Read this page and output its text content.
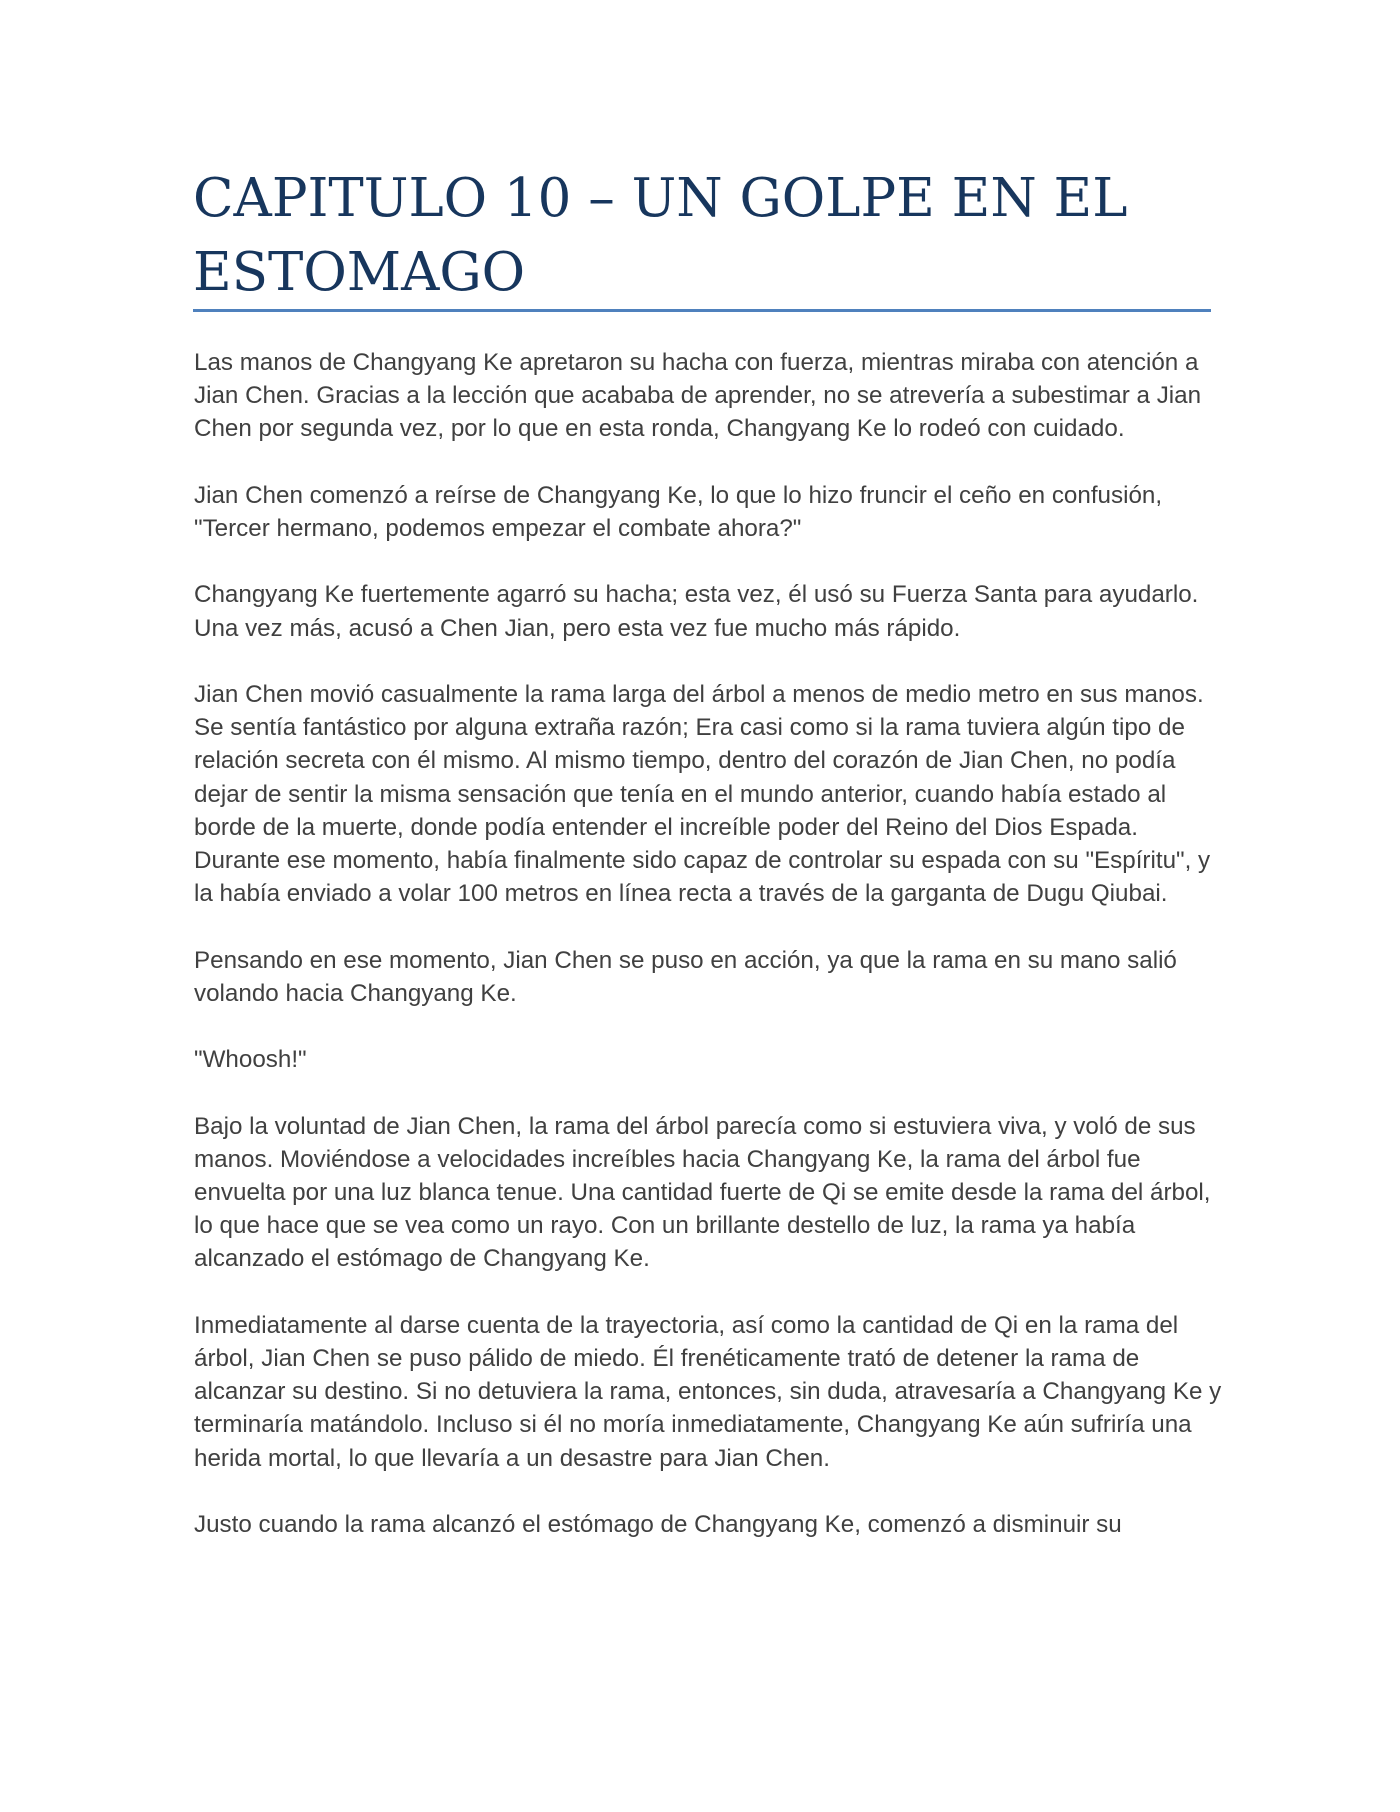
CAPITULO 10 – UN GOLPE EN EL ESTOMAGO

Las manos de Changyang Ke apretaron su hacha con fuerza, mientras miraba con atención a Jian Chen. Gracias a la lección que acababa de aprender, no se atrevería a subestimar a Jian Chen por segunda vez, por lo que en esta ronda, Changyang Ke lo rodeó con cuidado.

Jian Chen comenzó a reírse de Changyang Ke, lo que lo hizo fruncir el ceño en confusión, "Tercer hermano, podemos empezar el combate ahora?"

Changyang Ke fuertemente agarró su hacha; esta vez, él usó su Fuerza Santa para ayudarlo. Una vez más, acusó a Chen Jian, pero esta vez fue mucho más rápido.

Jian Chen movió casualmente la rama larga del árbol a menos de medio metro en sus manos. Se sentía fantástico por alguna extraña razón; Era casi como si la rama tuviera algún tipo de relación secreta con él mismo. Al mismo tiempo, dentro del corazón de Jian Chen, no podía dejar de sentir la misma sensación que tenía en el mundo anterior, cuando había estado al borde de la muerte, donde podía entender el increíble poder del Reino del Dios Espada. Durante ese momento, había finalmente sido capaz de controlar su espada con su "Espíritu", y la había enviado a volar 100 metros en línea recta a través de la garganta de Dugu Qiubai.

Pensando en ese momento, Jian Chen se puso en acción, ya que la rama en su mano salió volando hacia Changyang Ke.

"Whoosh!"

Bajo la voluntad de Jian Chen, la rama del árbol parecía como si estuviera viva, y voló de sus manos. Moviéndose a velocidades increíbles hacia Changyang Ke, la rama del árbol fue envuelta por una luz blanca tenue. Una cantidad fuerte de Qi se emite desde la rama del árbol, lo que hace que se vea como un rayo. Con un brillante destello de luz, la rama ya había alcanzado el estómago de Changyang Ke.

Inmediatamente al darse cuenta de la trayectoria, así como la cantidad de Qi en la rama del árbol, Jian Chen se puso pálido de miedo. Él frenéticamente trató de detener la rama de alcanzar su destino. Si no detuviera la rama, entonces, sin duda, atravesaría a Changyang Ke y terminaría matándolo. Incluso si él no moría inmediatamente, Changyang Ke aún sufriría una herida mortal, lo que llevaría a un desastre para Jian Chen.

Justo cuando la rama alcanzó el estómago de Changyang Ke, comenzó a disminuir su
